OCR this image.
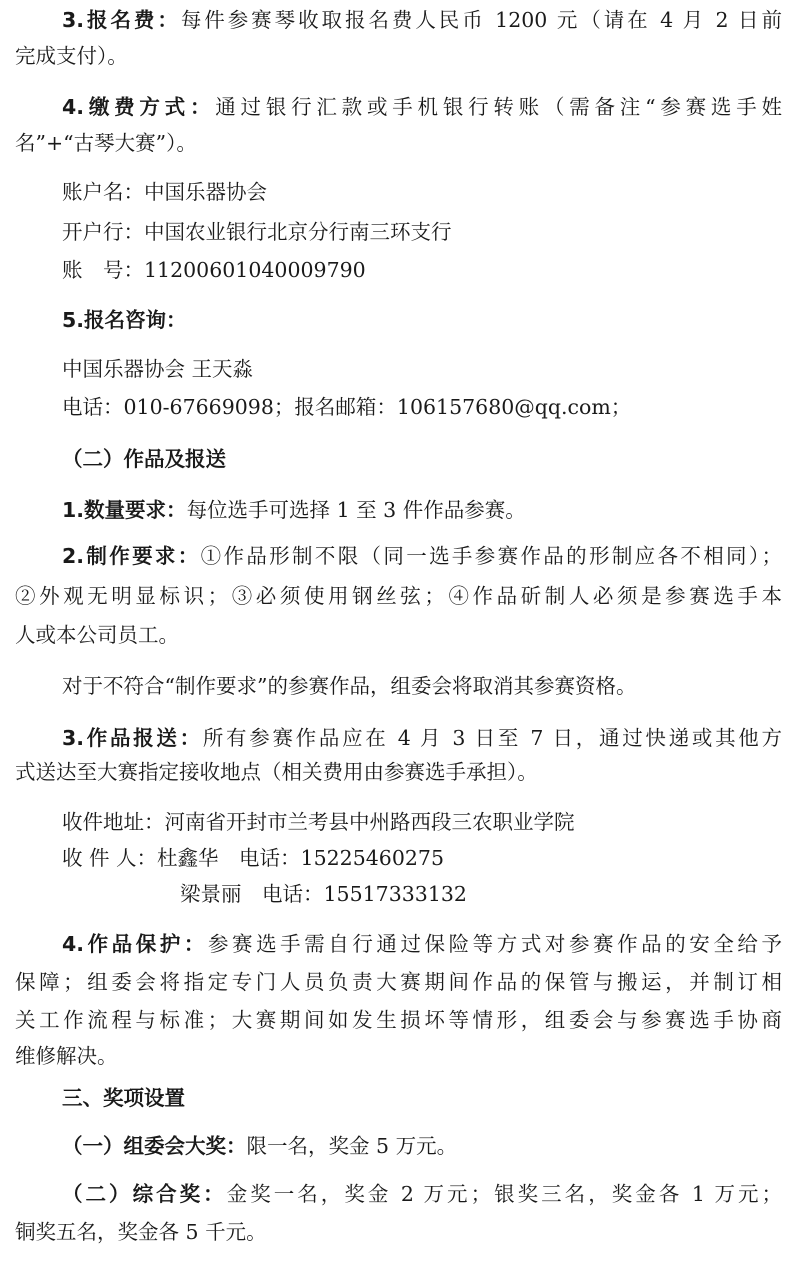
3.报名费：每件参赛琴收取报名费人民币 1200 元（请在 4 月 2 日前
完成支付）。
4.缴费方式：通过银行汇款或手机银行转账（需备注“参赛选手姓
名”+“古琴大赛”）。
账户名：中国乐器协会
开户行：中国农业银行北京分行南三环支行
账　号：11200601040009790
5.报名咨询：
中国乐器协会 王天淼
电话：010-67669098；报名邮箱：106157680@qq.com；
（二）作品及报送
1.数量要求：每位选手可选择 1 至 3 件作品参赛。
2.制作要求：①作品形制不限（同一选手参赛作品的形制应各不相同）；
②外观无明显标识；③必须使用钢丝弦；④作品斫制人必须是参赛选手本
人或本公司员工。
对于不符合“制作要求”的参赛作品，组委会将取消其参赛资格。
3.作品报送：所有参赛作品应在 4 月 3 日至 7 日，通过快递或其他方
式送达至大赛指定接收地点（相关费用由参赛选手承担）。
收件地址：河南省开封市兰考县中州路西段三农职业学院
收 件 人：杜鑫华　电话：15225460275
梁景丽　电话：15517333132
4.作品保护：参赛选手需自行通过保险等方式对参赛作品的安全给予
保障；组委会将指定专门人员负责大赛期间作品的保管与搬运，并制订相
关工作流程与标准；大赛期间如发生损坏等情形，组委会与参赛选手协商
维修解决。
三、奖项设置
（一）组委会大奖：限一名，奖金 5 万元。
（二）综合奖：金奖一名，奖金 2 万元；银奖三名，奖金各 1 万元；
铜奖五名，奖金各 5 千元。
